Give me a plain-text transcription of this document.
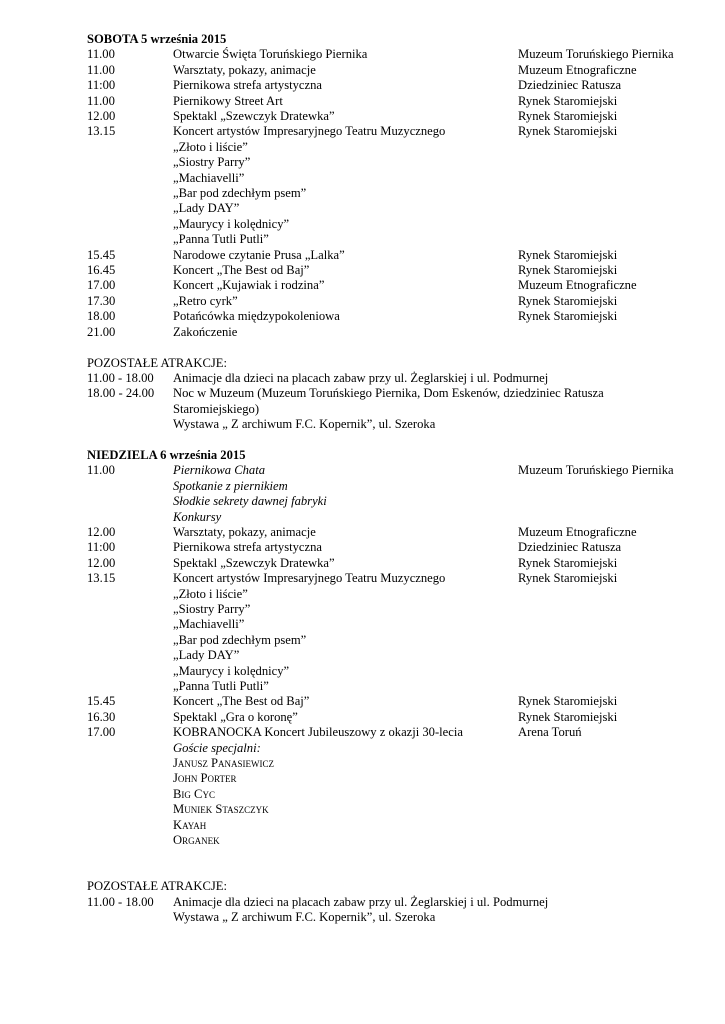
SOBOTA 5 września 2015
11.00	Otwarcie Święta Toruńskiego Piernika	Muzeum Toruńskiego Piernika
11.00	Warsztaty, pokazy, animacje	Muzeum Etnograficzne
11:00	Piernikowa strefa artystyczna	Dziedziniec Ratusza
11.00	Piernikowy Street Art	Rynek Staromiejski
12.00	Spektakl „Szewczyk Dratewka”	Rynek Staromiejski
13.15	Koncert artystów Impresaryjnego Teatru Muzycznego	Rynek Staromiejski
„Złoto i liście”
„Siostry Parry”
„Machiavelli”
„Bar pod zdechłym psem”
„Lady DAY”
„Maurycy i kolędnicy”
„Panna Tutli Putli”
15.45	Narodowe czytanie Prusa „Lalka”	Rynek Staromiejski
16.45	Koncert „The Best od Baj”	Rynek Staromiejski
17.00	Koncert „Kujawiak i rodzina”	Muzeum Etnograficzne
17.30	„Retro cyrk”	Rynek Staromiejski
18.00	Potańcówka międzypokoleniowa	Rynek Staromiejski
21.00	Zakończenie
POZOSTAŁE ATRAKCJE:
11.00 - 18.00	Animacje dla dzieci na placach zabaw przy ul. Żeglarskiej i ul. Podmurnej
18.00 - 24.00	Noc w Muzeum (Muzeum Toruńskiego Piernika, Dom Eskenów, dziedziniec Ratusza
Staromiejskiego)
Wystawa „ Z archiwum F.C. Kopernik”, ul. Szeroka
NIEDZIELA 6 września 2015
11.00	Piernikowa Chata	Muzeum Toruńskiego Piernika
Spotkanie z piernikiem
Słodkie sekrety dawnej fabryki
Konkursy
12.00	Warsztaty, pokazy, animacje	Muzeum Etnograficzne
11:00	Piernikowa strefa artystyczna	Dziedziniec Ratusza
12.00	Spektakl „Szewczyk Dratewka”	Rynek Staromiejski
13.15	Koncert artystów Impresaryjnego Teatru Muzycznego	Rynek Staromiejski
„Złoto i liście”
„Siostry Parry”
„Machiavelli”
„Bar pod zdechłym psem”
„Lady DAY”
„Maurycy i kolędnicy”
„Panna Tutli Putli”
15.45	Koncert „The Best od Baj”	Rynek Staromiejski
16.30	Spektakl „Gra o koronę”	Rynek Staromiejski
17.00	KOBRANOCKA Koncert Jubileuszowy z okazji 30-lecia	Arena Toruń
Goście specjalni:
Janusz Panasiewicz
John Porter
Big Cyc
Muniek Staszczyk
Kayah
Organek
POZOSTAŁE ATRAKCJE:
11.00 - 18.00	Animacje dla dzieci na placach zabaw przy ul. Żeglarskiej i ul. Podmurnej
Wystawa „ Z archiwum F.C. Kopernik”, ul. Szeroka
